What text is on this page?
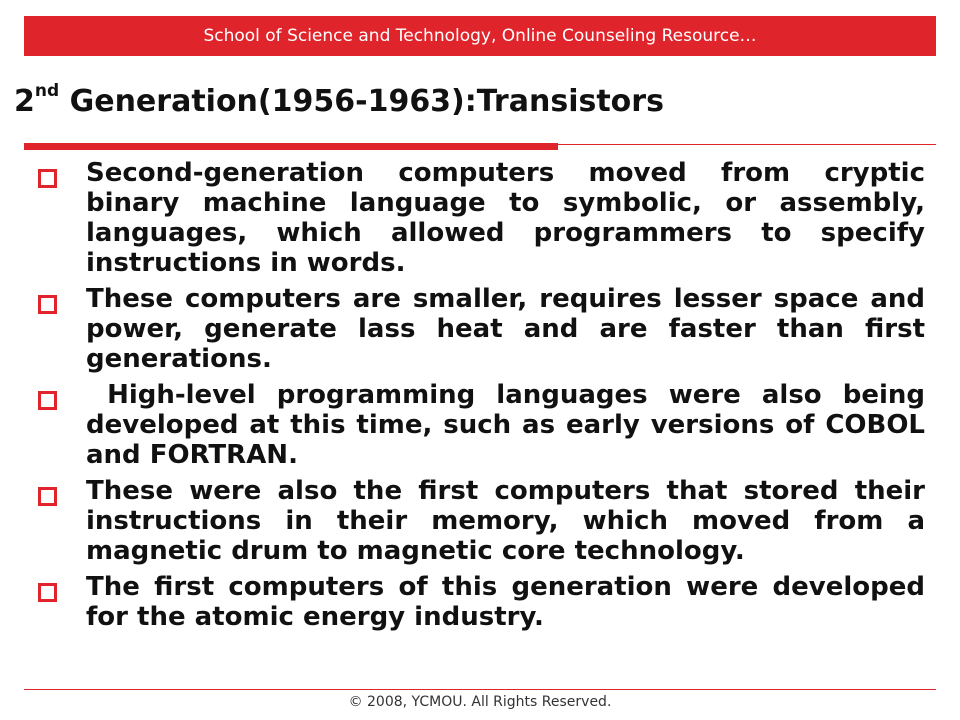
School of Science and Technology, Online Counseling Resource…
2nd Generation(1956-1963):Transistors
Second-generation computers moved from cryptic binary machine language to symbolic, or assembly, languages, which allowed programmers to specify instructions in words.
These computers are smaller, requires lesser space and power, generate lass heat and are faster than first generations.
High-level programming languages were also being developed at this time, such as early versions of COBOL and FORTRAN.
These were also the first computers that stored their instructions in their memory, which moved from a magnetic drum to magnetic core technology.
The first computers of this generation were developed for the atomic energy industry.
© 2008, YCMOU. All Rights Reserved.
